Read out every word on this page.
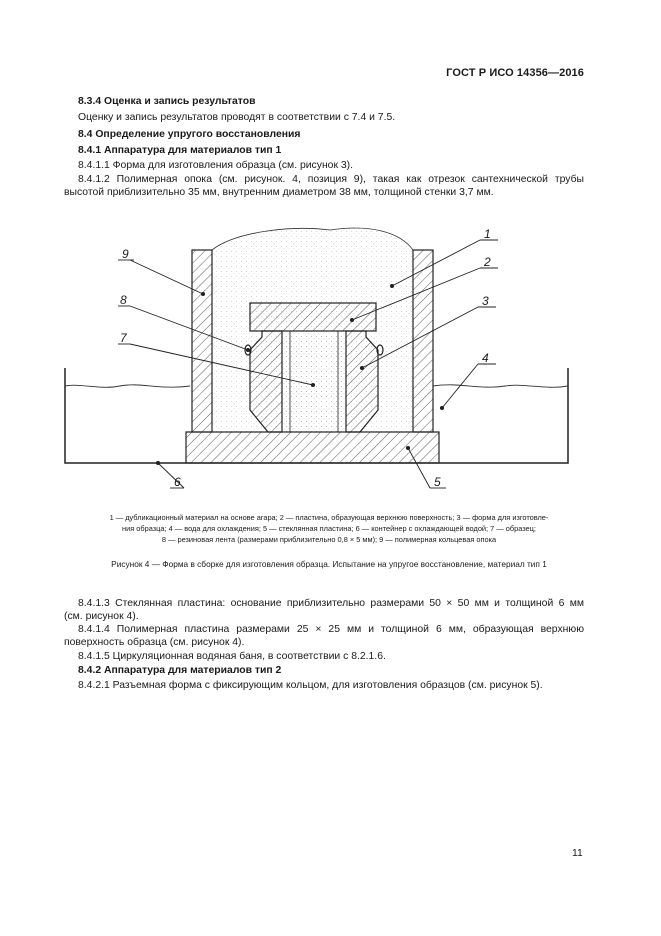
ГОСТ Р ИСО 14356—2016
8.3.4 Оценка и запись результатов
Оценку и запись результатов проводят в соответствии с 7.4 и 7.5.
8.4 Определение упругого восстановления
8.4.1 Аппаратура для материалов тип 1
8.4.1.1 Форма для изготовления образца (см. рисунок 3).
8.4.1.2 Полимерная опока (см. рисунок. 4, позиция 9), такая как отрезок сантехнической трубы
высотой приблизительно 35 мм, внутренним диаметром 38 мм, толщиной стенки 3,7 мм.
1
2
3
4
5
6
7
8
9
1 — дубликационный материал на основе агара; 2 — пластина, образующая верхнюю поверхность; 3 — форма для изготовле-
ния образца; 4 — вода для охлаждения; 5 — стеклянная пластина; 6 — контейнер с охлаждающей водой; 7 — образец;
8 — резиновая лента (размерами приблизительно 0,8 × 5 мм); 9 — полимерная кольцевая опока
Рисунок 4 — Форма в сборке для изготовления образца. Испытание на упругое восстановление, материал тип 1
8.4.1.3 Стеклянная пластина: основание приблизительно размерами 50 × 50 мм и толщиной 6 мм
(см. рисунок 4).
8.4.1.4 Полимерная пластина размерами 25 × 25 мм и толщиной 6 мм, образующая верхнюю
поверхность образца (см. рисунок 4).
8.4.1.5 Циркуляционная водяная баня, в соответствии с 8.2.1.6.
8.4.2 Аппаратура для материалов тип 2
8.4.2.1 Разъемная форма с фиксирующим кольцом, для изготовления образцов (см. рисунок 5).
11
